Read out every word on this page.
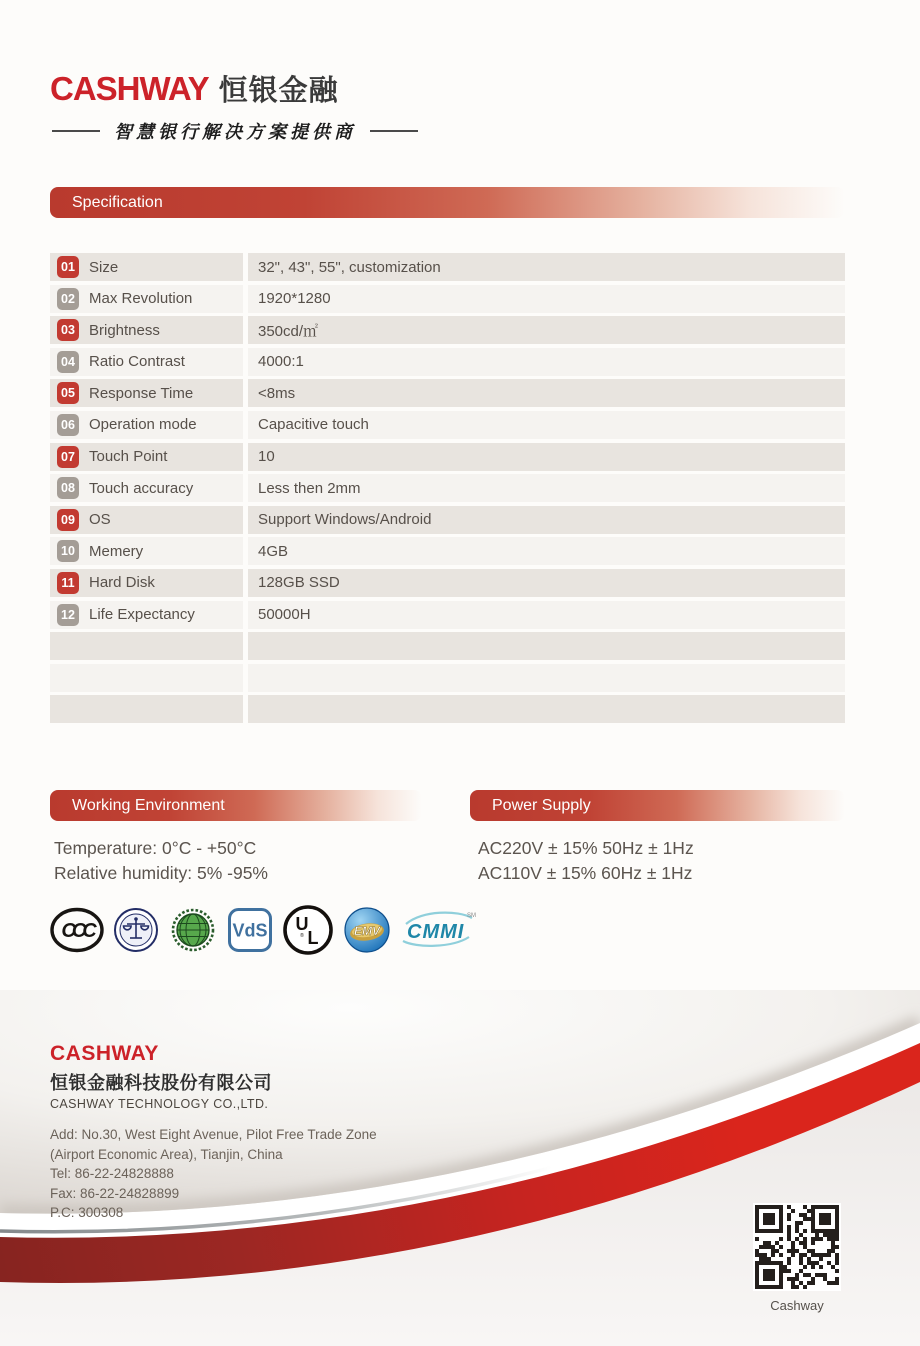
CASHWAY 恒银金融
智慧银行解决方案提供商
Specification
01 Size	32", 43", 55", customization
02 Max Revolution	1920*1280
03 Brightness	350cd/㎡
04 Ratio Contrast	4000:1
05 Response Time	<8ms
06 Operation mode	Capacitive touch
07 Touch Point	10
08 Touch accuracy	Less then 2mm
09 OS	Support Windows/Android
10 Memery	4GB
11 Hard Disk	128GB SSD
12 Life Expectancy	50000H
Working Environment
Temperature: 0°C - +50°C
Relative humidity: 5% -95%
Power Supply
AC220V ± 15% 50Hz ± 1Hz
AC110V ± 15% 60Hz ± 1Hz
CCC	VdS U
L
®	EMV CMMI
SM
CASHWAY
恒银金融科技股份有限公司
CASHWAY TECHNOLOGY CO.,LTD.
Add: No.30, West Eight Avenue, Pilot Free Trade Zone
(Airport Economic Area), Tianjin, China
Tel: 86-22-24828888
Fax: 86-22-24828899
P.C: 300308
Cashway
